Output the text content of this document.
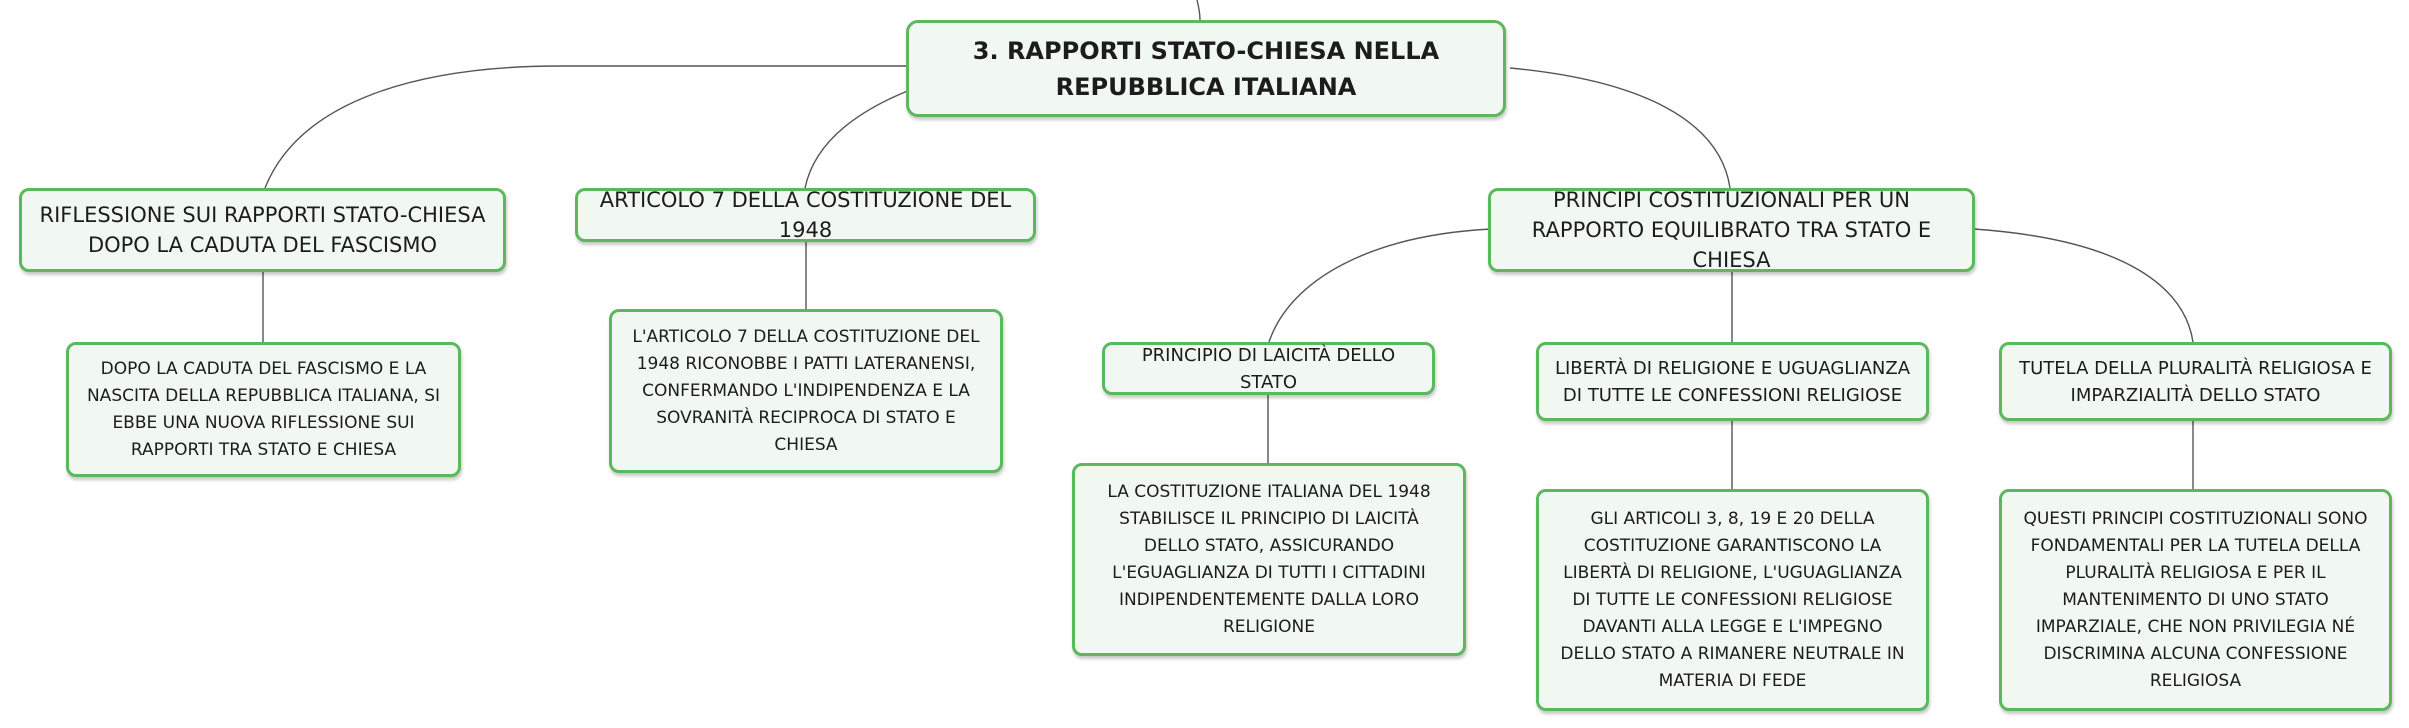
3. RAPPORTI STATO-CHIESA NELLA REPUBBLICA ITALIANA
RIFLESSIONE SUI RAPPORTI STATO-CHIESA DOPO LA CADUTA DEL FASCISMO
DOPO LA CADUTA DEL FASCISMO E LA NASCITA DELLA REPUBBLICA ITALIANA, SI EBBE UNA NUOVA RIFLESSIONE SUI RAPPORTI TRA STATO E CHIESA
ARTICOLO 7 DELLA COSTITUZIONE DEL 1948
L'ARTICOLO 7 DELLA COSTITUZIONE DEL 1948 RICONOBBE I PATTI LATERANENSI, CONFERMANDO L'INDIPENDENZA E LA SOVRANITÀ RECIPROCA DI STATO E CHIESA
PRINCIPI COSTITUZIONALI PER UN RAPPORTO EQUILIBRATO TRA STATO E CHIESA
PRINCIPIO DI LAICITÀ DELLO STATO
LIBERTÀ DI RELIGIONE E UGUAGLIANZA DI TUTTE LE CONFESSIONI RELIGIOSE
TUTELA DELLA PLURALITÀ RELIGIOSA E IMPARZIALITÀ DELLO STATO
LA COSTITUZIONE ITALIANA DEL 1948 STABILISCE IL PRINCIPIO DI LAICITÀ DELLO STATO, ASSICURANDO L'EGUAGLIANZA DI TUTTI I CITTADINI INDIPENDENTEMENTE DALLA LORO RELIGIONE
GLI ARTICOLI 3, 8, 19 E 20 DELLA COSTITUZIONE GARANTISCONO LA LIBERTÀ DI RELIGIONE, L'UGUAGLIANZA DI TUTTE LE CONFESSIONI RELIGIOSE DAVANTI ALLA LEGGE E L'IMPEGNO DELLO STATO A RIMANERE NEUTRALE IN MATERIA DI FEDE
QUESTI PRINCIPI COSTITUZIONALI SONO FONDAMENTALI PER LA TUTELA DELLA PLURALITÀ RELIGIOSA E PER IL MANTENIMENTO DI UNO STATO IMPARZIALE, CHE NON PRIVILEGIA NÉ DISCRIMINA ALCUNA CONFESSIONE RELIGIOSA
